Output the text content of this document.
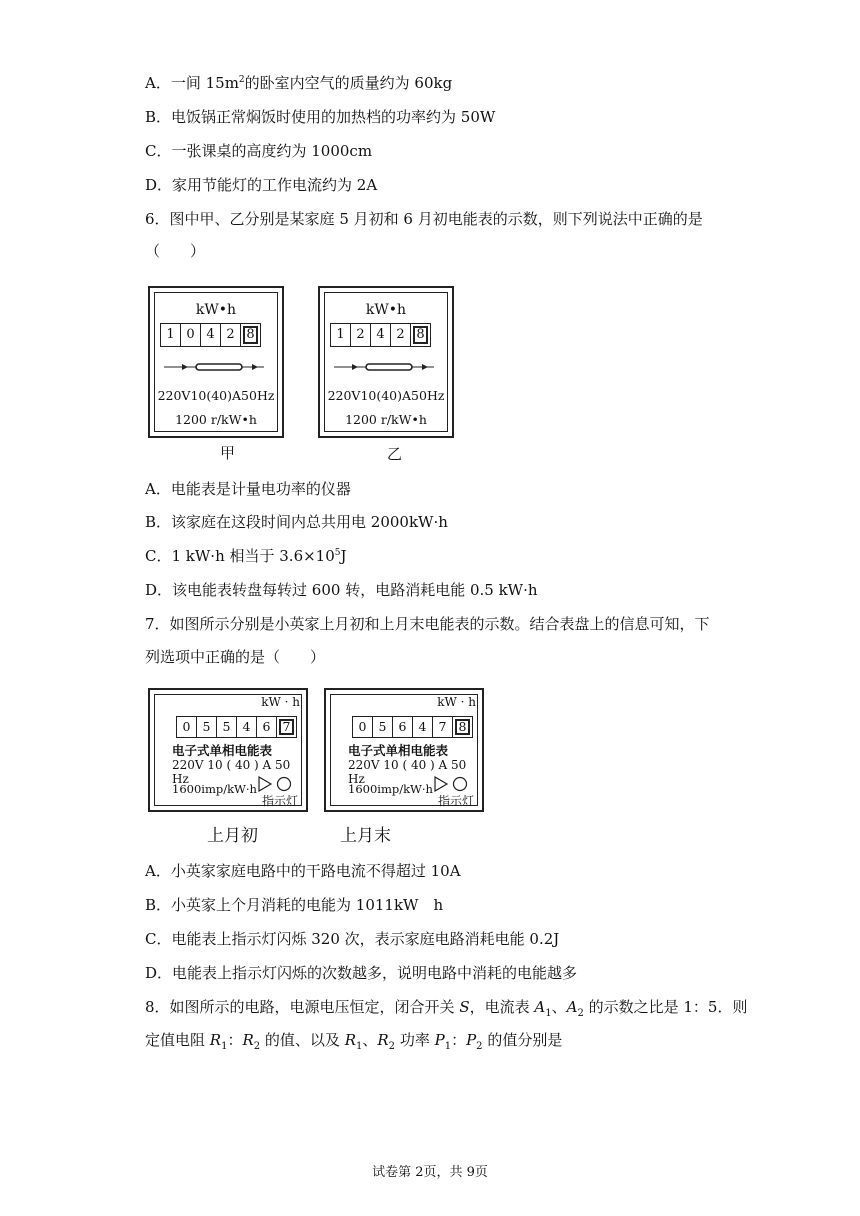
A．一间 $15m^2$的卧室内空气的质量约为 60kg
B．电饭锅正常焖饭时使用的加热档的功率约为 50W
C．一张课桌的高度约为 1000cm
D．家用节能灯的工作电流约为 2A
6．图中甲、乙分别是某家庭 5 月初和 6 月初电能表的示数，则下列说法中正确的是
（　　）
kW•h
1 0 4 2 8
220V10(40)A50Hz
1200 r/kW•h
甲
kW•h
1 2 4 2 8
220V10(40)A50Hz
1200 r/kW•h
乙
A．电能表是计量电功率的仪器
B．该家庭在这段时间内总共用电 2000kW·h
C．1 kW·h 相当于 $3.6\times 10^5J$
D．该电能表转盘每转过 600 转，电路消耗电能 0.5 kW·h
7．如图所示分别是小英家上月初和上月末电能表的示数。结合表盘上的信息可知，下
列选项中正确的是（　　）
kW · h
0 5 5 4 6 7
电子式单相电能表
220V 10 ( 40 ) A 50 Hz
1600imp/kW·h
指示灯
上月初
kW · h
0 5 6 4 7 8
电子式单相电能表
220V 10 ( 40 ) A 50 Hz
1600imp/kW·h
指示灯
上月末
A．小英家家庭电路中的干路电流不得超过 10A
B．小英家上个月消耗的电能为 1011kW　h
C．电能表上指示灯闪烁 320 次，表示家庭电路消耗电能 0.2J
D．电能表上指示灯闪烁的次数越多，说明电路中消耗的电能越多
8．如图所示的电路，电源电压恒定，闭合开关 S，电流表 $A_1$、$A_2$ 的示数之比是 1：5．则
定值电阻 $R_1$：$R_2$ 的值、以及 $R_1$、$R_2$ 功率 $P_1$：$P_2$ 的值分别是
试卷第 2页，共 9页
